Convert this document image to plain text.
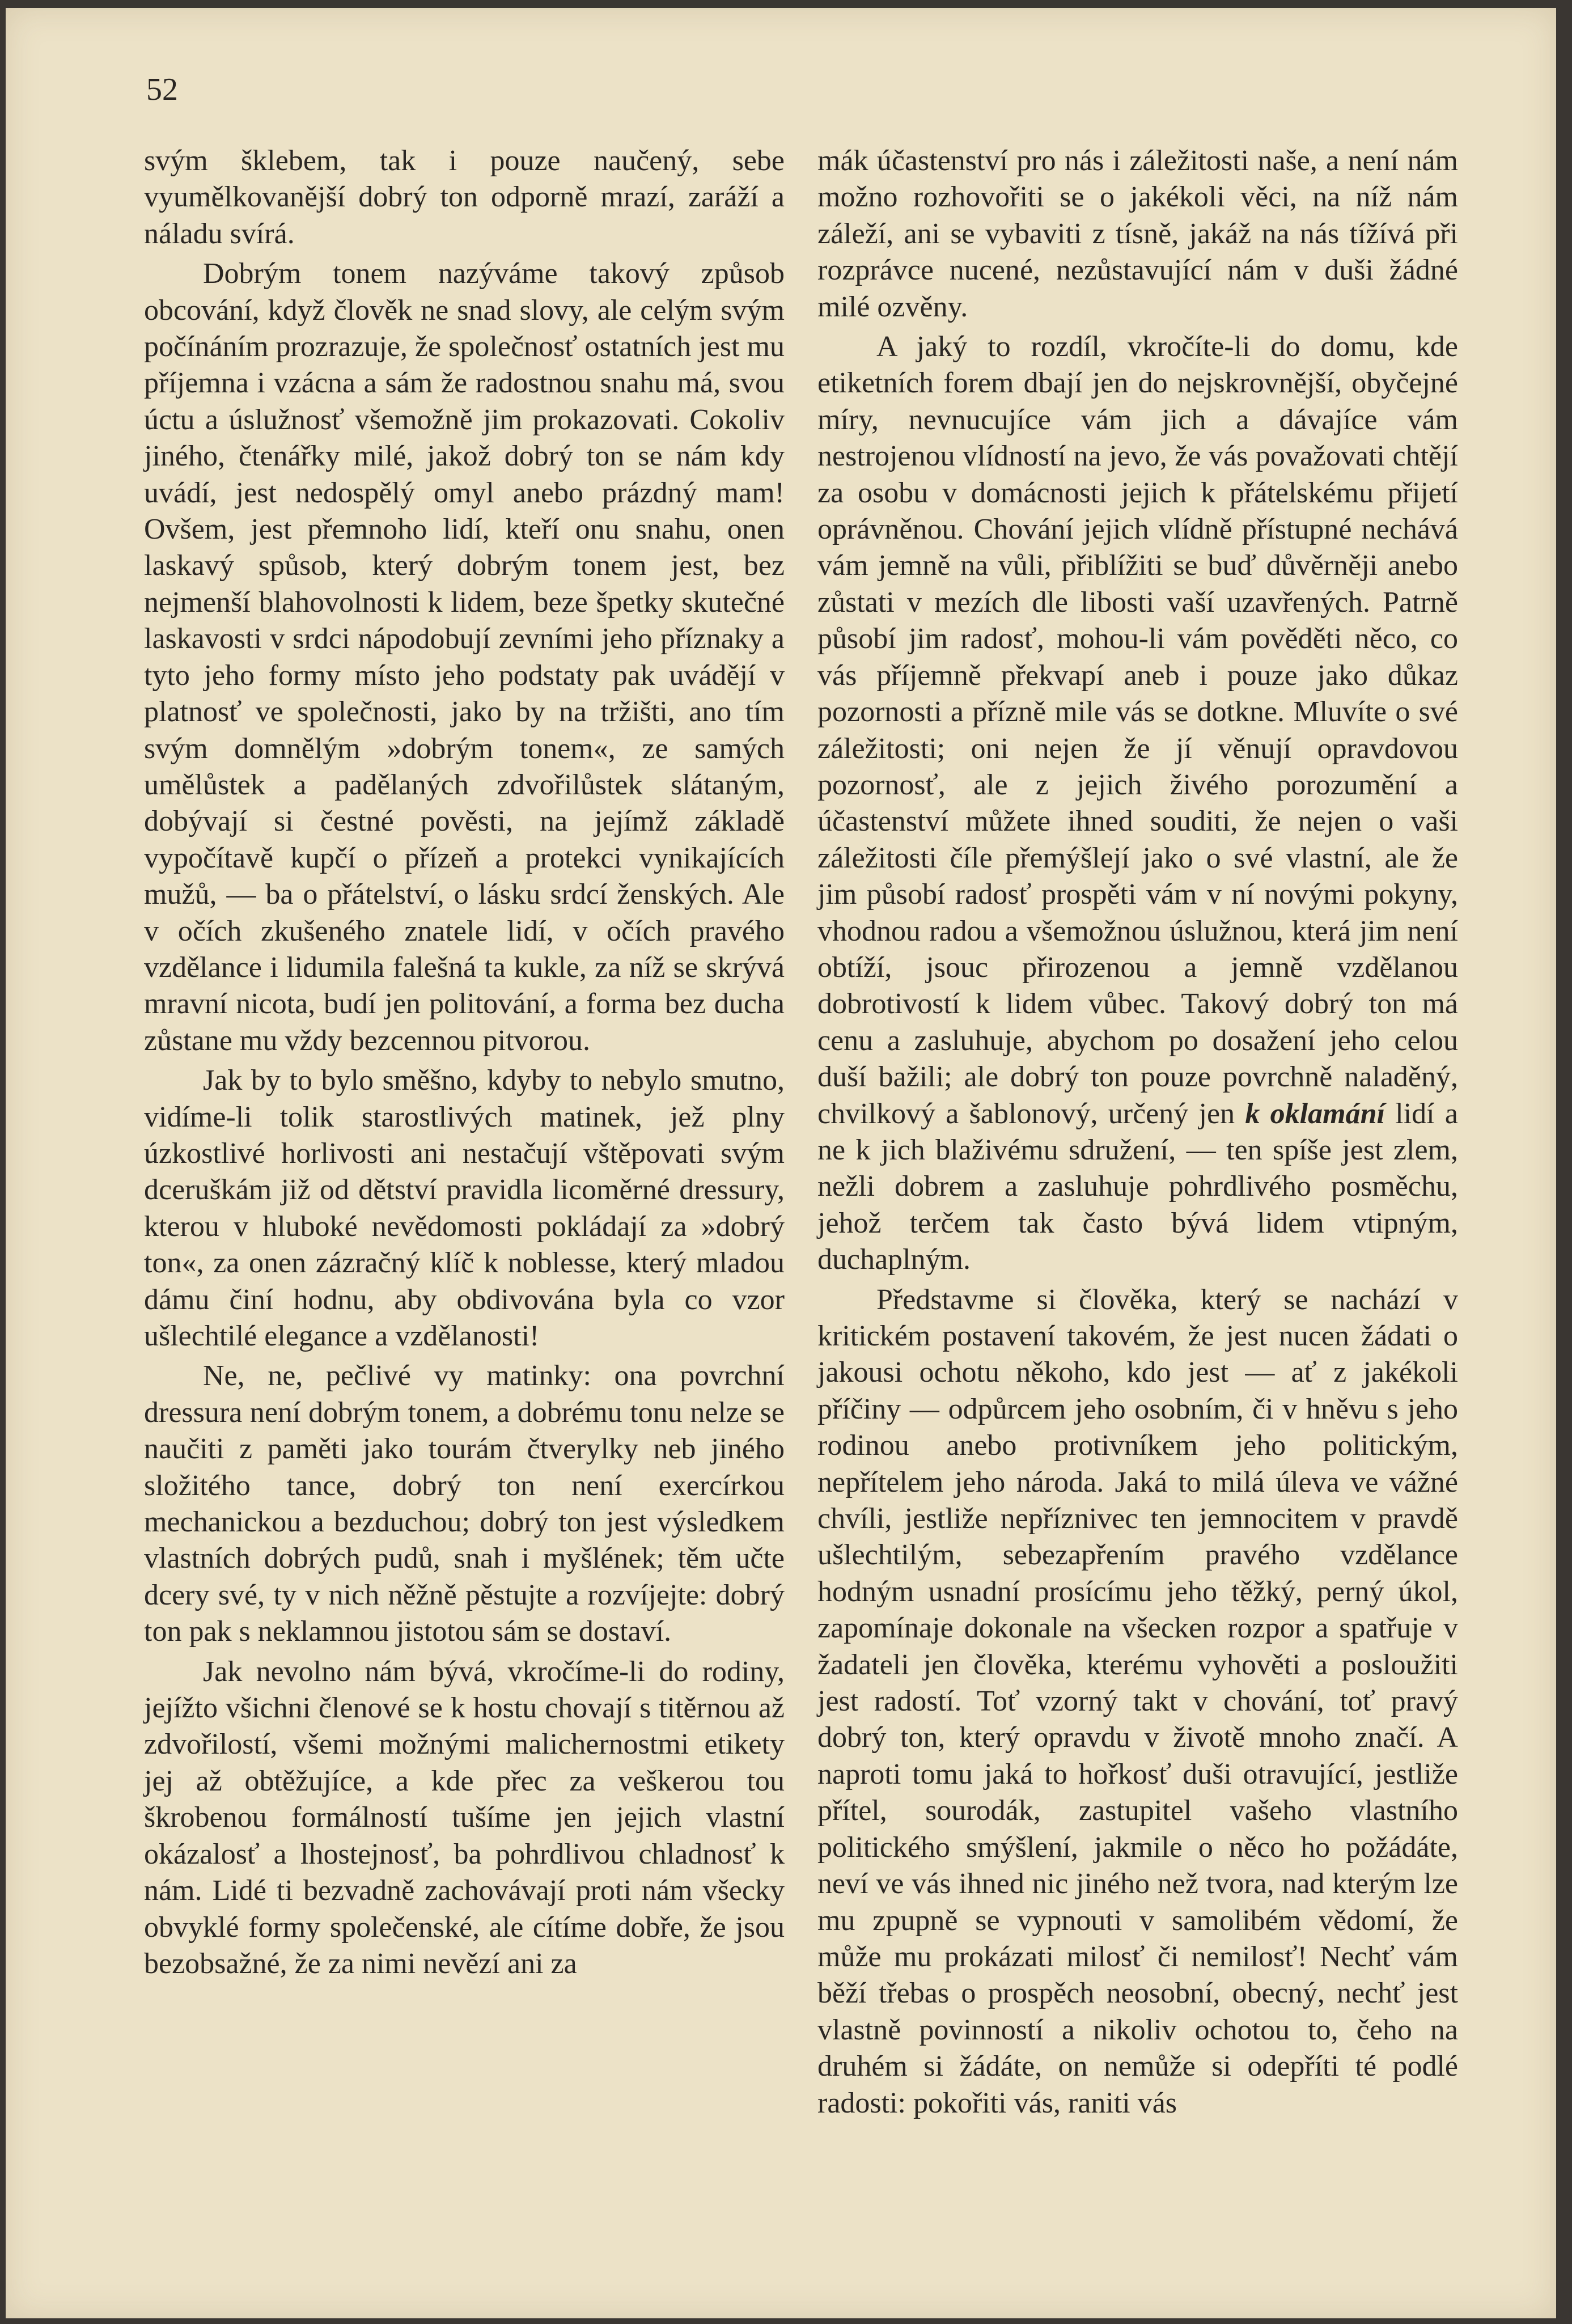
52

svým šklebem, tak i pouze naučený, sebe vyumělkovanější dobrý ton odporně mrazí, zaráží a náladu svírá.

Dobrým tonem nazýváme takový způsob obcování, když člověk ne snad slovy, ale celým svým počínáním prozrazuje, že společnosť ostatních jest mu příjemna i vzácna a sám že radostnou snahu má, svou úctu a úslužnosť všemožně jim prokazovati. Cokoliv jiného, čtenářky milé, jakož dobrý ton se nám kdy uvádí, jest nedospělý omyl anebo prázdný mam! Ovšem, jest přemnoho lidí, kteří onu snahu, onen laskavý spůsob, který dobrým tonem jest, bez nejmenší blahovolnosti k lidem, beze špetky skutečné laskavosti v srdci nápodobují zevními jeho příznaky a tyto jeho formy místo jeho podstaty pak uvádějí v platnosť ve společnosti, jako by na tržišti, ano tím svým domnělým »dobrým tonem«, ze samých umělůstek a padělaných zdvořilůstek slátaným, dobývají si čestné pověsti, na jejímž základě vypočítavě kupčí o přízeň a protekci vynikajících mužů, — ba o přátelství, o lásku srdcí ženských. Ale v očích zkušeného znatele lidí, v očích pravého vzdělance i lidumila falešná ta kukle, za níž se skrývá mravní nicota, budí jen politování, a forma bez ducha zůstane mu vždy bezcennou pitvorou.

Jak by to bylo směšno, kdyby to nebylo smutno, vidíme-li tolik starostlivých matinek, jež plny úzkostlivé horlivosti ani nestačují vštěpovati svým dceruškám již od dětství pravidla licoměrné dressury, kterou v hluboké nevědomosti pokládají za »dobrý ton«, za onen zázračný klíč k noblesse, který mladou dámu činí hodnu, aby obdivována byla co vzor ušlechtilé elegance a vzdělanosti!

Ne, ne, pečlivé vy matinky: ona povrchní dressura není dobrým tonem, a dobrému tonu nelze se naučiti z paměti jako tourám čtverylky neb jiného složitého tance, dobrý ton není exercírkou mechanickou a bezduchou; dobrý ton jest výsledkem vlastních dobrých pudů, snah i myšlének; těm učte dcery své, ty v nich něžně pěstujte a rozvíjejte: dobrý ton pak s neklamnou jistotou sám se dostaví.

Jak nevolno nám bývá, vkročíme-li do rodiny, jejížto všichni členové se k hostu chovají s titěrnou až zdvořilostí, všemi možnými malichernostmi etikety jej až obtěžujíce, a kde přec za veškerou tou škrobenou formálností tušíme jen jejich vlastní okázalosť a lhostejnosť, ba pohrdlivou chladnosť k nám. Lidé ti bezvadně zachovávají proti nám všecky obvyklé formy společenské, ale cítíme dobře, že jsou bezobsažné, že za nimi nevězí ani za

mák účastenství pro nás i záležitosti naše, a není nám možno rozhovořiti se o jakékoli věci, na níž nám záleží, ani se vybaviti z tísně, jakáž na nás tížívá při rozprávce nucené, nezůstavující nám v duši žádné milé ozvěny.

A jaký to rozdíl, vkročíte-li do domu, kde etiketních forem dbají jen do nejskrovnější, obyčejné míry, nevnucujíce vám jich a dávajíce vám nestrojenou vlídností na jevo, že vás považovati chtějí za osobu v domácnosti jejich k přátelskému přijetí oprávněnou. Chování jejich vlídně přístupné nechává vám jemně na vůli, přiblížiti se buď důvěrněji anebo zůstati v mezích dle libosti vaší uzavřených. Patrně působí jim radosť, mohou-li vám pověděti něco, co vás příjemně překvapí aneb i pouze jako důkaz pozornosti a přízně mile vás se dotkne. Mluvíte o své záležitosti; oni nejen že jí věnují opravdovou pozornosť, ale z jejich živého porozumění a účastenství můžete ihned souditi, že nejen o vaši záležitosti číle přemýšlejí jako o své vlastní, ale že jim působí radosť prospěti vám v ní novými pokyny, vhodnou radou a všemožnou úslužnou, která jim není obtíží, jsouc přirozenou a jemně vzdělanou dobrotivostí k lidem vůbec. Takový dobrý ton má cenu a zasluhuje, abychom po dosažení jeho celou duší bažili; ale dobrý ton pouze povrchně naladěný, chvilkový a šablonový, určený jen k oklamání lidí a ne k jich blaživému sdružení, — ten spíše jest zlem, nežli dobrem a zasluhuje pohrdlivého posměchu, jehož terčem tak často bývá lidem vtipným, duchaplným.

Představme si člověka, který se nachází v kritickém postavení takovém, že jest nucen žádati o jakousi ochotu někoho, kdo jest — ať z jakékoli příčiny — odpůrcem jeho osobním, či v hněvu s jeho rodinou anebo protivníkem jeho politickým, nepřítelem jeho národa. Jaká to milá úleva ve vážné chvíli, jestliže nepříznivec ten jemnocitem v pravdě ušlechtilým, sebezapřením pravého vzdělance hodným usnadní prosícímu jeho těžký, perný úkol, zapomínaje dokonale na všecken rozpor a spatřuje v žadateli jen člověka, kterému vyhověti a posloužiti jest radostí. Toť vzorný takt v chování, toť pravý dobrý ton, který opravdu v životě mnoho značí. A naproti tomu jaká to hořkosť duši otravující, jestliže přítel, sourodák, zastupitel vašeho vlastního politického smýšlení, jakmile o něco ho požádáte, neví ve vás ihned nic jiného než tvora, nad kterým lze mu zpupně se vypnouti v samolibém vědomí, že může mu prokázati milosť či nemilosť! Nechť vám běží třebas o prospěch neosobní, obecný, nechť jest vlastně povinností a nikoliv ochotou to, čeho na druhém si žádáte, on nemůže si odepříti té podlé radosti: pokořiti vás, raniti vás
